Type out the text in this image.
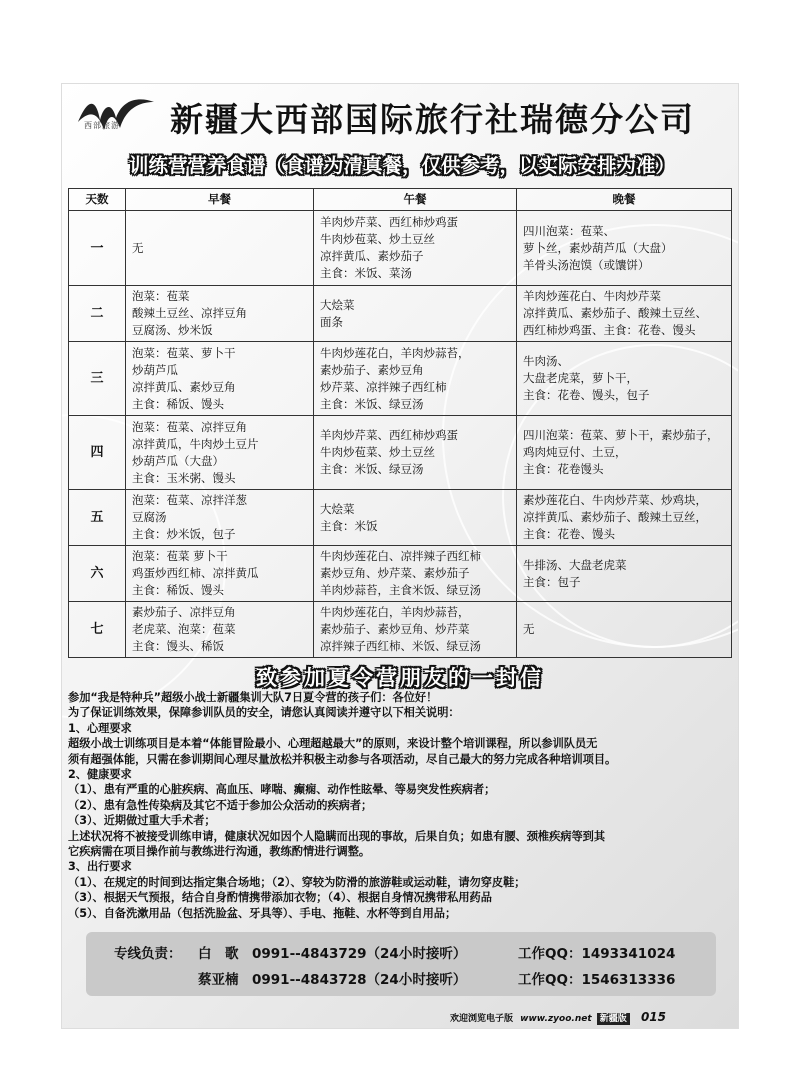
西部旅游 新疆大西部国际旅行社瑞德分公司
训练营营养食谱（食谱为清真餐，仅供参考，以实际安排为准）
天数	早餐	午餐	晚餐
一	无	羊肉炒芹菜、西红柿炒鸡蛋
牛肉炒苞菜、炒土豆丝
凉拌黄瓜、素炒茄子
主食：米饭、菜汤	四川泡菜：苞菜、
萝卜丝，素炒葫芦瓜（大盘）
羊骨头汤泡馍（或馕饼）

二	泡菜：苞菜
酸辣土豆丝、凉拌豆角
豆腐汤、炒米饭	大烩菜
面条	羊肉炒莲花白、牛肉炒芹菜
凉拌黄瓜、素炒茄子、酸辣土豆丝、
西红柿炒鸡蛋、主食：花卷、馒头

三	泡菜：苞菜、萝卜干
炒葫芦瓜
凉拌黄瓜、素炒豆角
主食：稀饭、馒头	牛肉炒莲花白，羊肉炒蒜苔，
素炒茄子、素炒豆角
炒芹菜、凉拌辣子西红柿
主食：米饭、绿豆汤	牛肉汤、
大盘老虎菜，萝卜干，
主食：花卷、馒头，包子

四	泡菜：苞菜、凉拌豆角
凉拌黄瓜，牛肉炒土豆片
炒葫芦瓜（大盘）
主食：玉米粥、馒头	羊肉炒芹菜、西红柿炒鸡蛋
牛肉炒苞菜、炒土豆丝
主食：米饭、绿豆汤	四川泡菜：苞菜、萝卜干，素炒茄子，
鸡肉炖豆付、土豆，
主食：花卷馒头

五	泡菜：苞菜、凉拌洋葱
豆腐汤
主食：炒米饭，包子	大烩菜
主食：米饭	素炒莲花白、牛肉炒芹菜、炒鸡块，
凉拌黄瓜、素炒茄子、酸辣土豆丝，
主食：花卷、馒头

六	泡菜：苞菜 萝卜干
鸡蛋炒西红柿、凉拌黄瓜
主食：稀饭、馒头	牛肉炒莲花白、凉拌辣子西红柿
素炒豆角、炒芹菜、素炒茄子
羊肉炒蒜苔，主食米饭、绿豆汤	牛排汤、大盘老虎菜
主食：包子

七	素炒茄子、凉拌豆角
老虎菜、泡菜：苞菜
主食：馒头、稀饭	牛肉炒莲花白，羊肉炒蒜苔，
素炒茄子、素炒豆角、炒芹菜
凉拌辣子西红柿、米饭、绿豆汤	无
致参加夏令营朋友的一封信
参加“我是特种兵”超级小战士新疆集训大队7日夏令营的孩子们：各位好！
为了保证训练效果，保障参训队员的安全，请您认真阅读并遵守以下相关说明：
1、心理要求
超级小战士训练项目是本着“体能冒险最小、心理超越最大”的原则，来设计整个培训课程，所以参训队员无
须有超强体能，只需在参训期间心理尽量放松并积极主动参与各项活动，尽自己最大的努力完成各种培训项目。
2、健康要求
（1）、患有严重的心脏疾病、高血压、哮喘、癫痫、动作性眩晕、等易突发性疾病者；
（2）、患有急性传染病及其它不适于参加公众活动的疾病者；
（3）、近期做过重大手术者；
上述状况将不被接受训练申请，健康状况如因个人隐瞒而出现的事故，后果自负；如患有腰、颈椎疾病等到其
它疾病需在项目操作前与教练进行沟通，教练酌情进行调整。
3、出行要求
（1）、在规定的时间到达指定集合场地；（2）、穿较为防滑的旅游鞋或运动鞋，请勿穿皮鞋；
（3）、根据天气预报，结合自身酌情携带添加衣物；（4）、根据自身情况携带私用药品
（5）、自备洗漱用品（包括洗脸盆、牙具等）、手电、拖鞋、水杯等到自用品；
专线负责： 白　歌 0991--4843729（24小时接听）	工作QQ：1493341024
蔡亚楠 0991--4843728（24小时接听）	工作QQ：1546313336
欢迎浏览电子版 www.zyoo.net 新疆版 015
